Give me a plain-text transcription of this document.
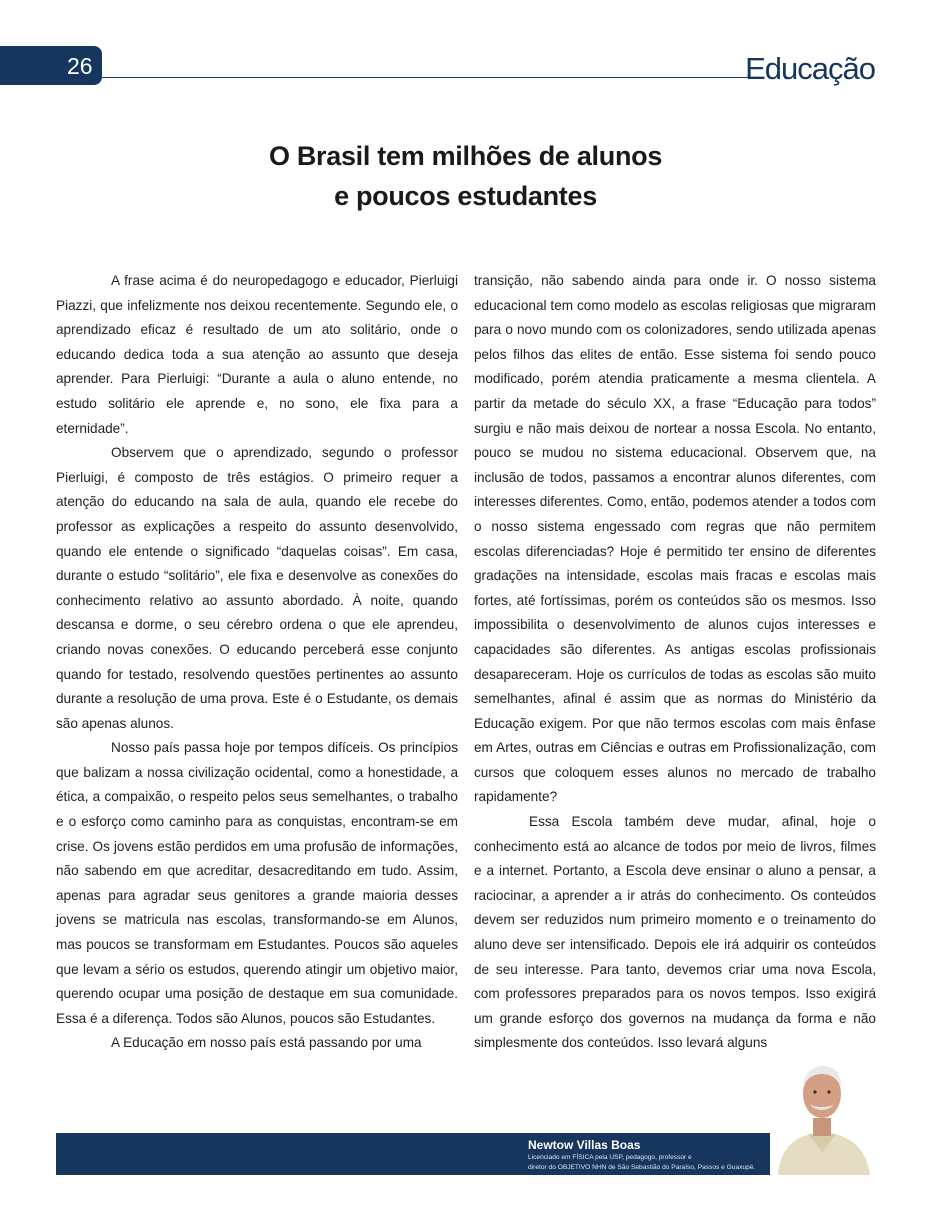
26	Educação
O Brasil tem milhões de alunos
e poucos estudantes

A frase acima é do neuropedagogo e educador, Pierluigi Piazzi, que infelizmente nos deixou recentemente. Segundo ele, o aprendizado eficaz é resultado de um ato solitário, onde o educando dedica toda a sua atenção ao assunto que deseja aprender. Para Pierluigi: “Durante a aula o aluno entende, no estudo solitário ele aprende e, no sono, ele fixa para a eternidade”.

Observem que o aprendizado, segundo o professor Pierluigi, é composto de três estágios. O primeiro requer a atenção do educando na sala de aula, quando ele recebe do professor as explicações a respeito do assunto desenvolvido, quando ele entende o significado “daquelas coisas”. Em casa, durante o estudo “solitário”, ele fixa e desenvolve as conexões do conhecimento relativo ao assunto abordado. À noite, quando descansa e dorme, o seu cérebro ordena o que ele aprendeu, criando novas conexões. O educando perceberá esse conjunto quando for testado, resolvendo questões pertinentes ao assunto durante a resolução de uma prova. Este é o Estudante, os demais são apenas alunos.

Nosso país passa hoje por tempos difíceis. Os princípios que balizam a nossa civilização ocidental, como a honestidade, a ética, a compaixão, o respeito pelos seus semelhantes, o trabalho e o esforço como caminho para as conquistas, encontram-se em crise. Os jovens estão perdidos em uma profusão de informações, não sabendo em que acreditar, desacreditando em tudo. Assim, apenas para agradar seus genitores a grande maioria desses jovens se matricula nas escolas, transformando-se em Alunos, mas poucos se transformam em Estudantes. Poucos são aqueles que levam a sério os estudos, querendo atingir um objetivo maior, querendo ocupar uma posição de destaque em sua comunidade. Essa é a diferença. Todos são Alunos, poucos são Estudantes.

A Educação em nosso país está passando por uma

transição, não sabendo ainda para onde ir. O nosso sistema educacional tem como modelo as escolas religiosas que migraram para o novo mundo com os colonizadores, sendo utilizada apenas pelos filhos das elites de então. Esse sistema foi sendo pouco modificado, porém atendia praticamente a mesma clientela. A partir da metade do século XX, a frase “Educação para todos” surgiu e não mais deixou de nortear a nossa Escola. No entanto, pouco se mudou no sistema educacional. Observem que, na inclusão de todos, passamos a encontrar alunos diferentes, com interesses diferentes. Como, então, podemos atender a todos com o nosso sistema engessado com regras que não permitem escolas diferenciadas? Hoje é permitido ter ensino de diferentes gradações na intensidade, escolas mais fracas e escolas mais fortes, até fortíssimas, porém os conteúdos são os mesmos. Isso impossibilita o desenvolvimento de alunos cujos interesses e capacidades são diferentes. As antigas escolas profissionais desapareceram. Hoje os currículos de todas as escolas são muito semelhantes, afinal é assim que as normas do Ministério da Educação exigem. Por que não termos escolas com mais ênfase em Artes, outras em Ciências e outras em Profissionalização, com cursos que coloquem esses alunos no mercado de trabalho rapidamente?

Essa Escola também deve mudar, afinal, hoje o conhecimento está ao alcance de todos por meio de livros, filmes e a internet. Portanto, a Escola deve ensinar o aluno a pensar, a raciocinar, a aprender a ir atrás do conhecimento. Os conteúdos devem ser reduzidos num primeiro momento e o treinamento do aluno deve ser intensificado. Depois ele irá adquirir os conteúdos de seu interesse. Para tanto, devemos criar uma nova Escola, com professores preparados para os novos tempos. Isso exigirá um grande esforço dos governos na mudança da forma e não simplesmente dos conteúdos. Isso levará alguns

Newtow Villas Boas
Licenciado em FÍSICA pela USP, pedagogo, professor e
diretor do OBJETIVO NHN de São Sebastião do Paraíso, Passos e Guaxupé.
